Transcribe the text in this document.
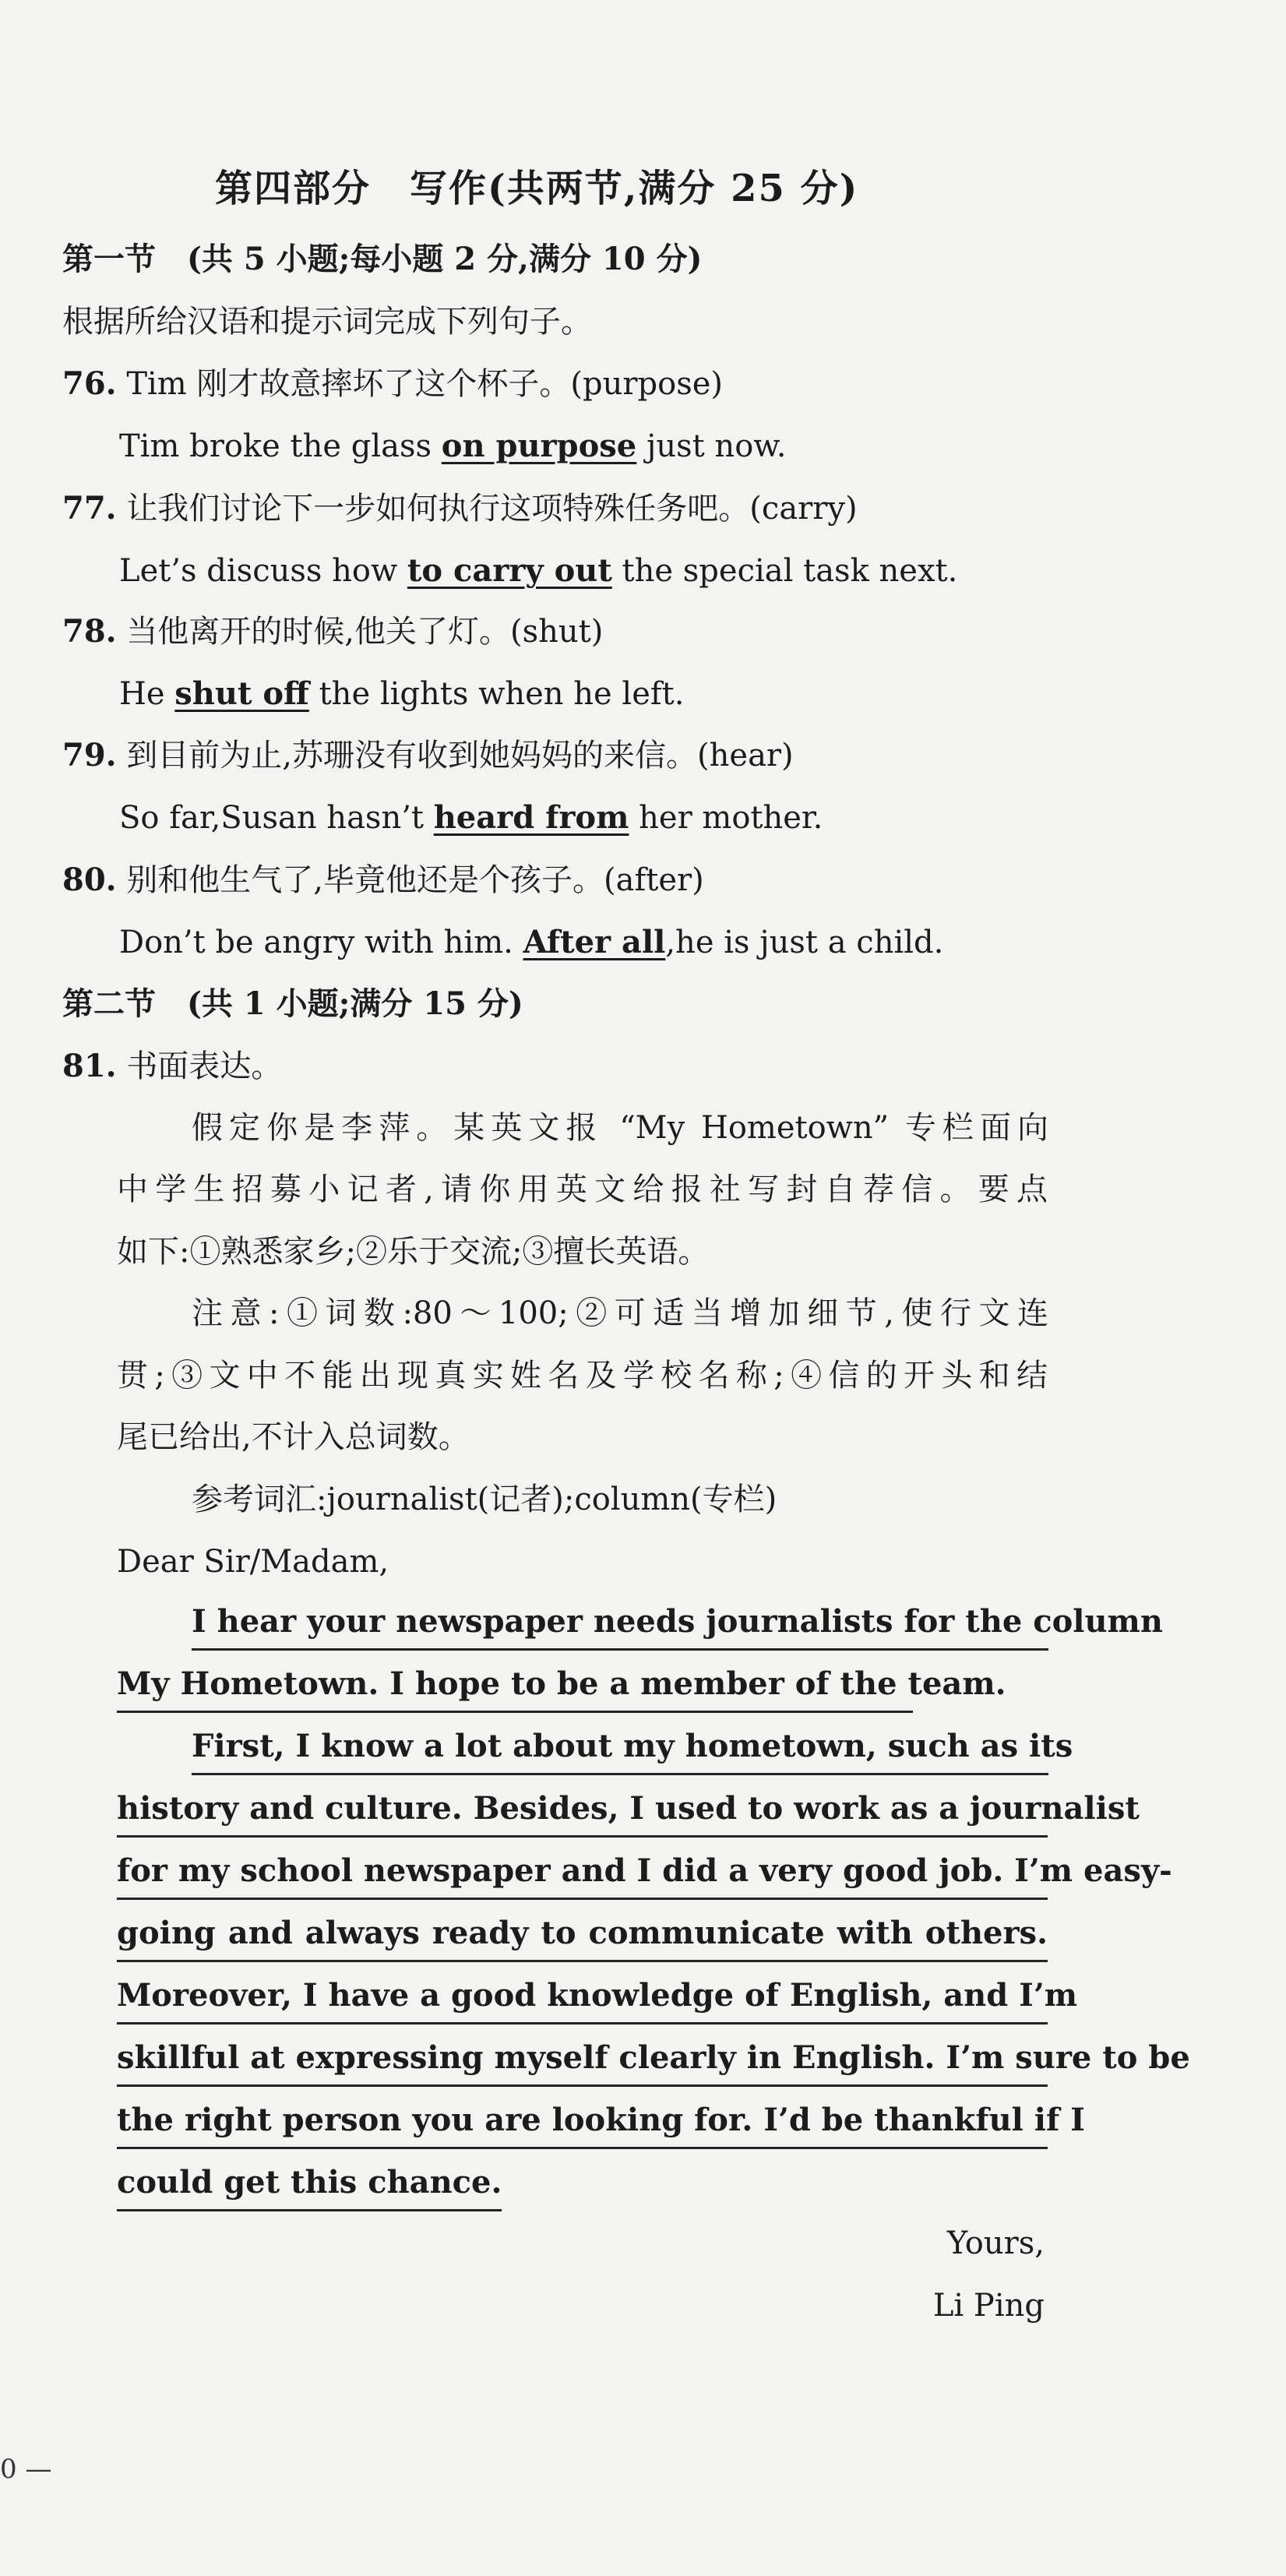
第四部分　写作(共两节,满分 25 分)
第一节　(共 5 小题;每小题 2 分,满分 10 分)
根据所给汉语和提示词完成下列句子。
76. Tim 刚才故意摔坏了这个杯子。(purpose)
Tim broke the glass on purpose just now.
77. 让我们讨论下一步如何执行这项特殊任务吧。(carry)
Let’s discuss how to carry out the special task next.
78. 当他离开的时候,他关了灯。(shut)
He shut off the lights when he left.
79. 到目前为止,苏珊没有收到她妈妈的来信。(hear)
So far,Susan hasn’t heard from her mother.
80. 别和他生气了,毕竟他还是个孩子。(after)
Don’t be angry with him. After all,he is just a child.
第二节　(共 1 小题;满分 15 分)
81. 书面表达。
假定你是李萍。某英文报 “My Hometown” 专栏面向
中学生招募小记者,请你用英文给报社写封自荐信。要点
如下:①熟悉家乡;②乐于交流;③擅长英语。
注意:①词数:80～100;②可适当增加细节,使行文连
贯;③文中不能出现真实姓名及学校名称;④信的开头和结
尾已给出,不计入总词数。
参考词汇:journalist(记者);column(专栏)
Dear Sir/Madam,
I hear your newspaper needs journalists for the column
My Hometown. I hope to be a member of the team.
First, I know a lot about my hometown, such as its
history and culture. Besides, I used to work as a journalist
for my school newspaper and I did a very good job. I’m easy-
going and always ready to communicate with others.
Moreover, I have a good knowledge of English, and I’m
skillful at expressing myself clearly in English. I’m sure to be
the right person you are looking for. I’d be thankful if I
could get this chance.
Yours,
Li Ping
0 —
